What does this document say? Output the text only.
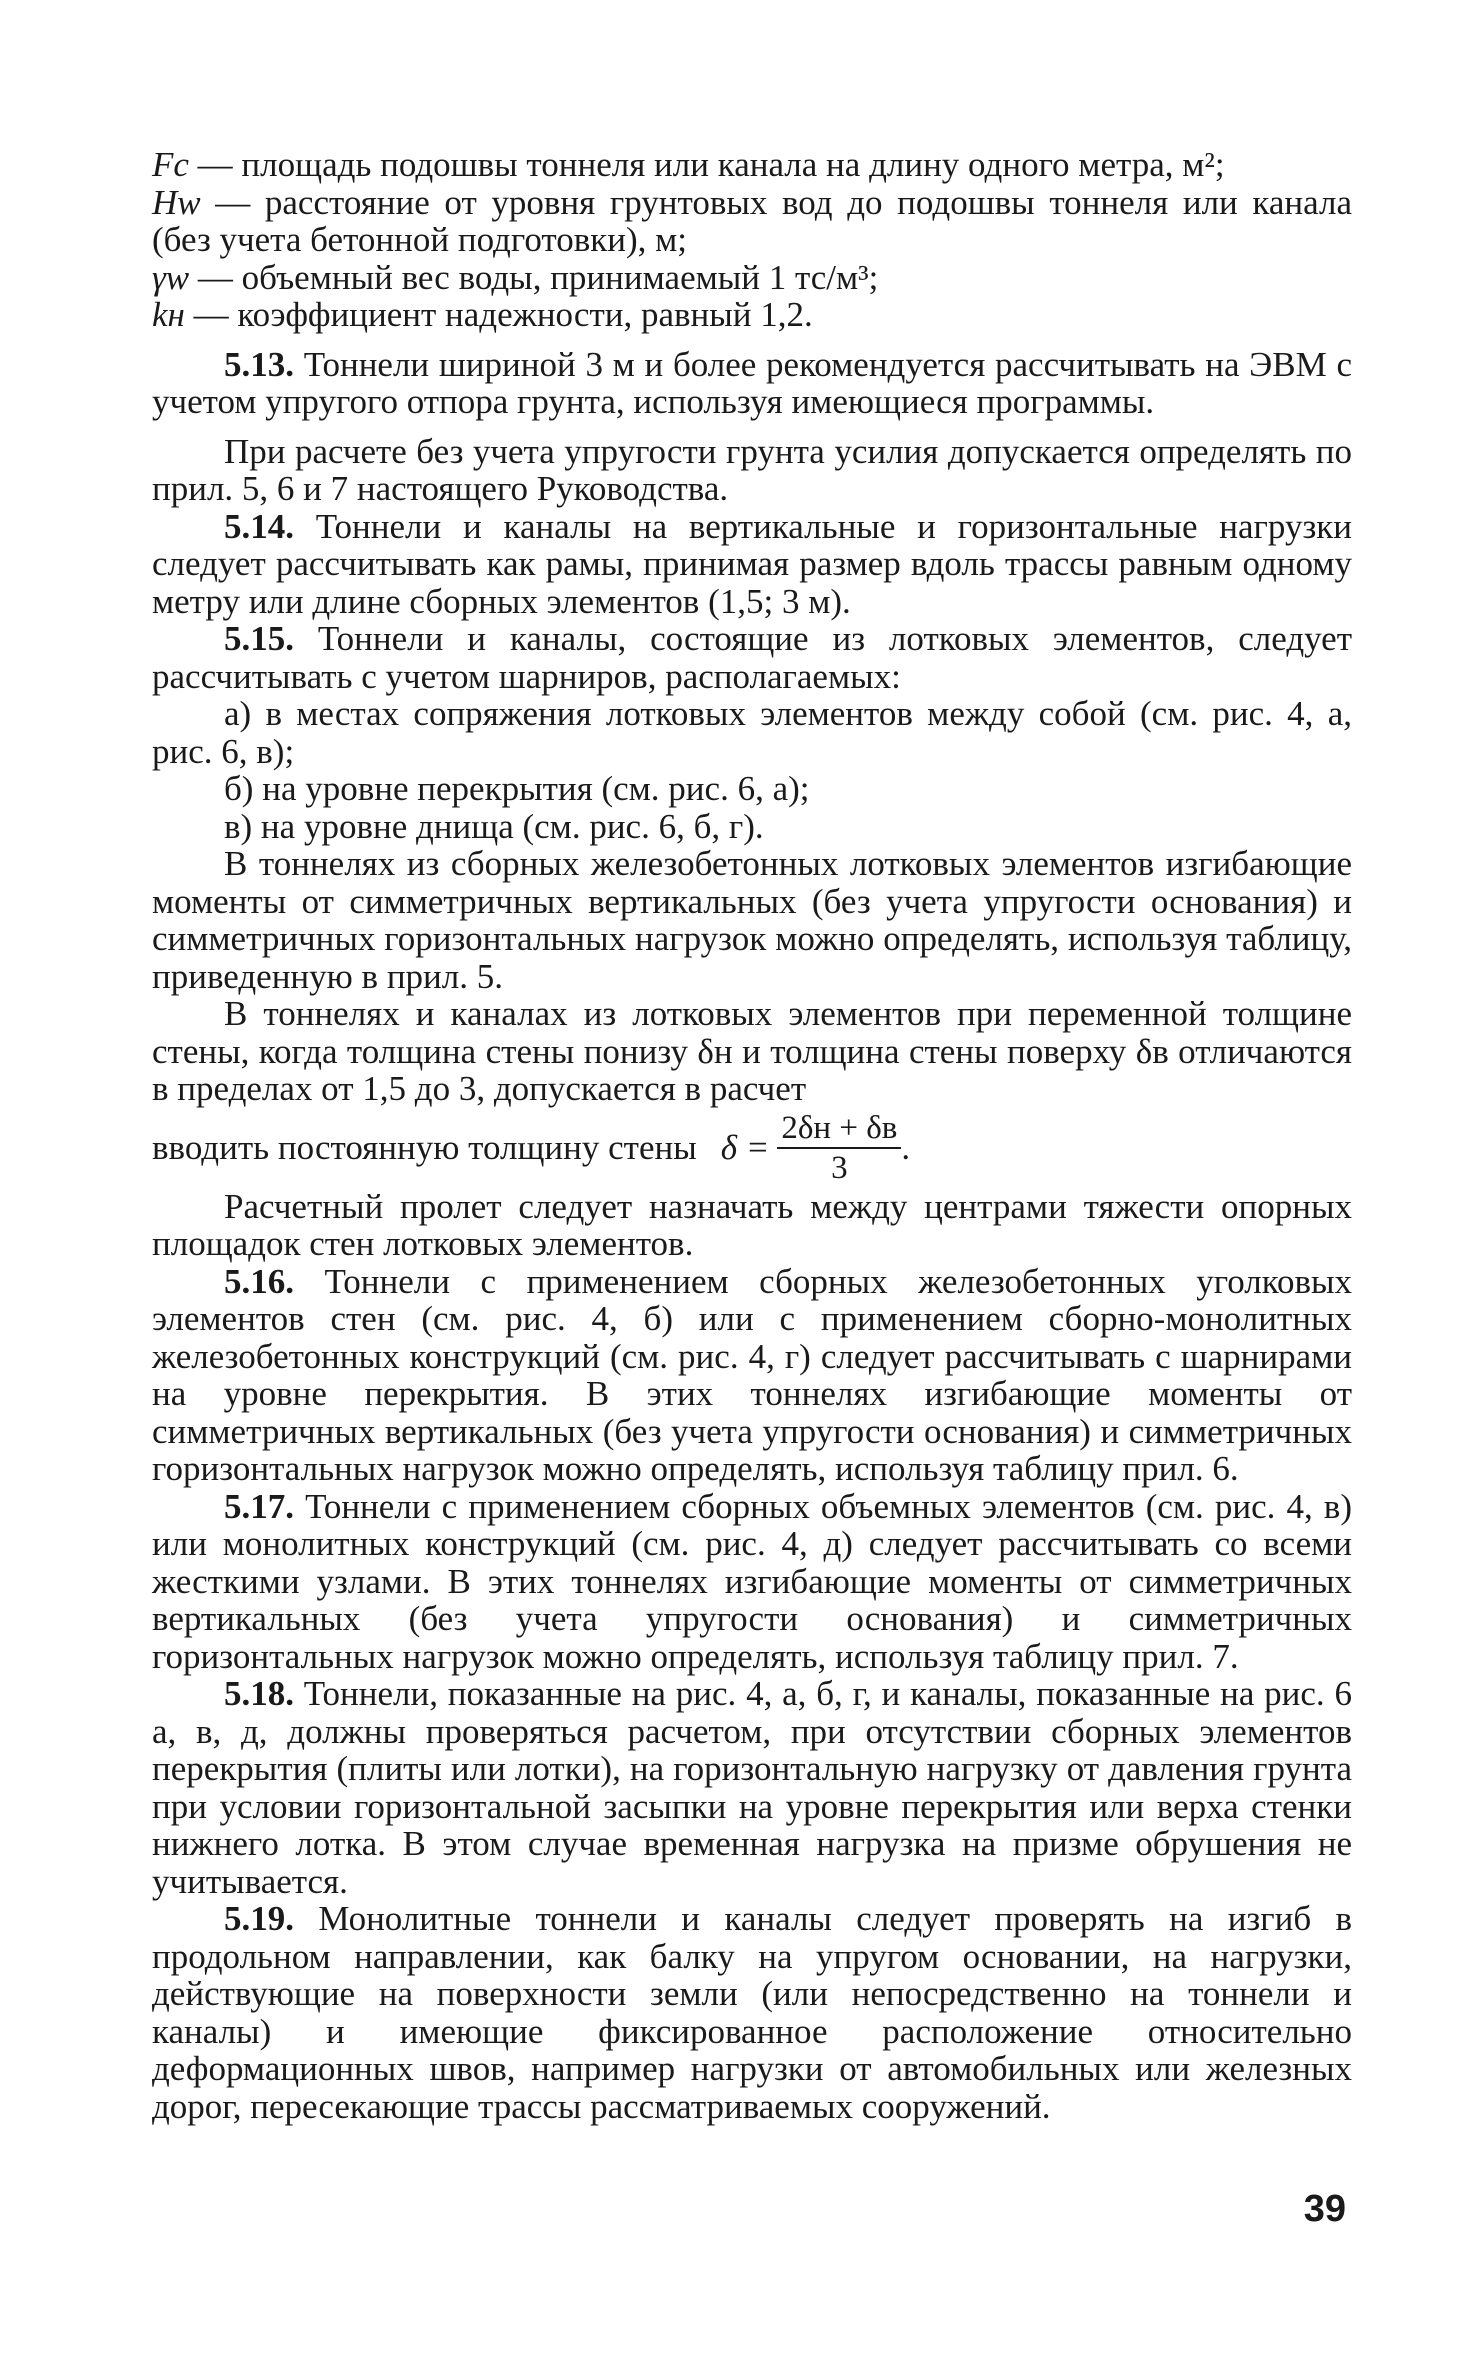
Fc — площадь подошвы тоннеля или канала на длину одного метра, м²;

Hw — расстояние от уровня грунтовых вод до подошвы тоннеля или канала (без учета бетонной подготовки), м;

γw — объемный вес воды, принимаемый 1 тс/м³;

kн — коэффициент надежности, равный 1,2.

5.13. Тоннели шириной 3 м и более рекомендуется рассчитывать на ЭВМ с учетом упругого отпора грунта, используя имеющиеся программы.

При расчете без учета упругости грунта усилия допускается определять по прил. 5, 6 и 7 настоящего Руководства.

5.14. Тоннели и каналы на вертикальные и горизонтальные нагрузки следует рассчитывать как рамы, принимая размер вдоль трассы равным одному метру или длине сборных элементов (1,5; 3 м).

5.15. Тоннели и каналы, состоящие из лотковых элементов, следует рассчитывать с учетом шарниров, располагаемых:

а) в местах сопряжения лотковых элементов между собой (см. рис. 4, а, рис. 6, в);

б) на уровне перекрытия (см. рис. 6, а);

в) на уровне днища (см. рис. 6, б, г).

В тоннелях из сборных железобетонных лотковых элементов изгибающие моменты от симметричных вертикальных (без учета упругости основания) и симметричных горизонтальных нагрузок можно определять, используя таблицу, приведенную в прил. 5.

В тоннелях и каналах из лотковых элементов при переменной толщине стены, когда толщина стены понизу δн и толщина стены поверху δв отличаются в пределах от 1,5 до 3, допускается в расчет

вводить постоянную толщину стены $\delta = \frac{2\delta н + \delta в}{3}$ .

Расчетный пролет следует назначать между центрами тяжести опорных площадок стен лотковых элементов.

5.16. Тоннели с применением сборных железобетонных уголковых элементов стен (см. рис. 4, б) или с применением сборно-монолитных железобетонных конструкций (см. рис. 4, г) следует рассчитывать с шарнирами на уровне перекрытия. В этих тоннелях изгибающие моменты от симметричных вертикальных (без учета упругости основания) и симметричных горизонтальных нагрузок можно определять, используя таблицу прил. 6.

5.17. Тоннели с применением сборных объемных элементов (см. рис. 4, в) или монолитных конструкций (см. рис. 4, д) следует рассчитывать со всеми жесткими узлами. В этих тоннелях изгибающие моменты от симметричных вертикальных (без учета упругости основания) и симметричных горизонтальных нагрузок можно определять, используя таблицу прил. 7.

5.18. Тоннели, показанные на рис. 4, а, б, г, и каналы, показанные на рис. 6 а, в, д, должны проверяться расчетом, при отсутствии сборных элементов перекрытия (плиты или лотки), на горизонтальную нагрузку от давления грунта при условии горизонтальной засыпки на уровне перекрытия или верха стенки нижнего лотка. В этом случае временная нагрузка на призме обрушения не учитывается.

5.19. Монолитные тоннели и каналы следует проверять на изгиб в продольном направлении, как балку на упругом основании, на нагрузки, действующие на поверхности земли (или непосредственно на тоннели и каналы) и имеющие фиксированное расположение относительно деформационных швов, например нагрузки от автомобильных или железных дорог, пересекающие трассы рассматриваемых сооружений.

39
